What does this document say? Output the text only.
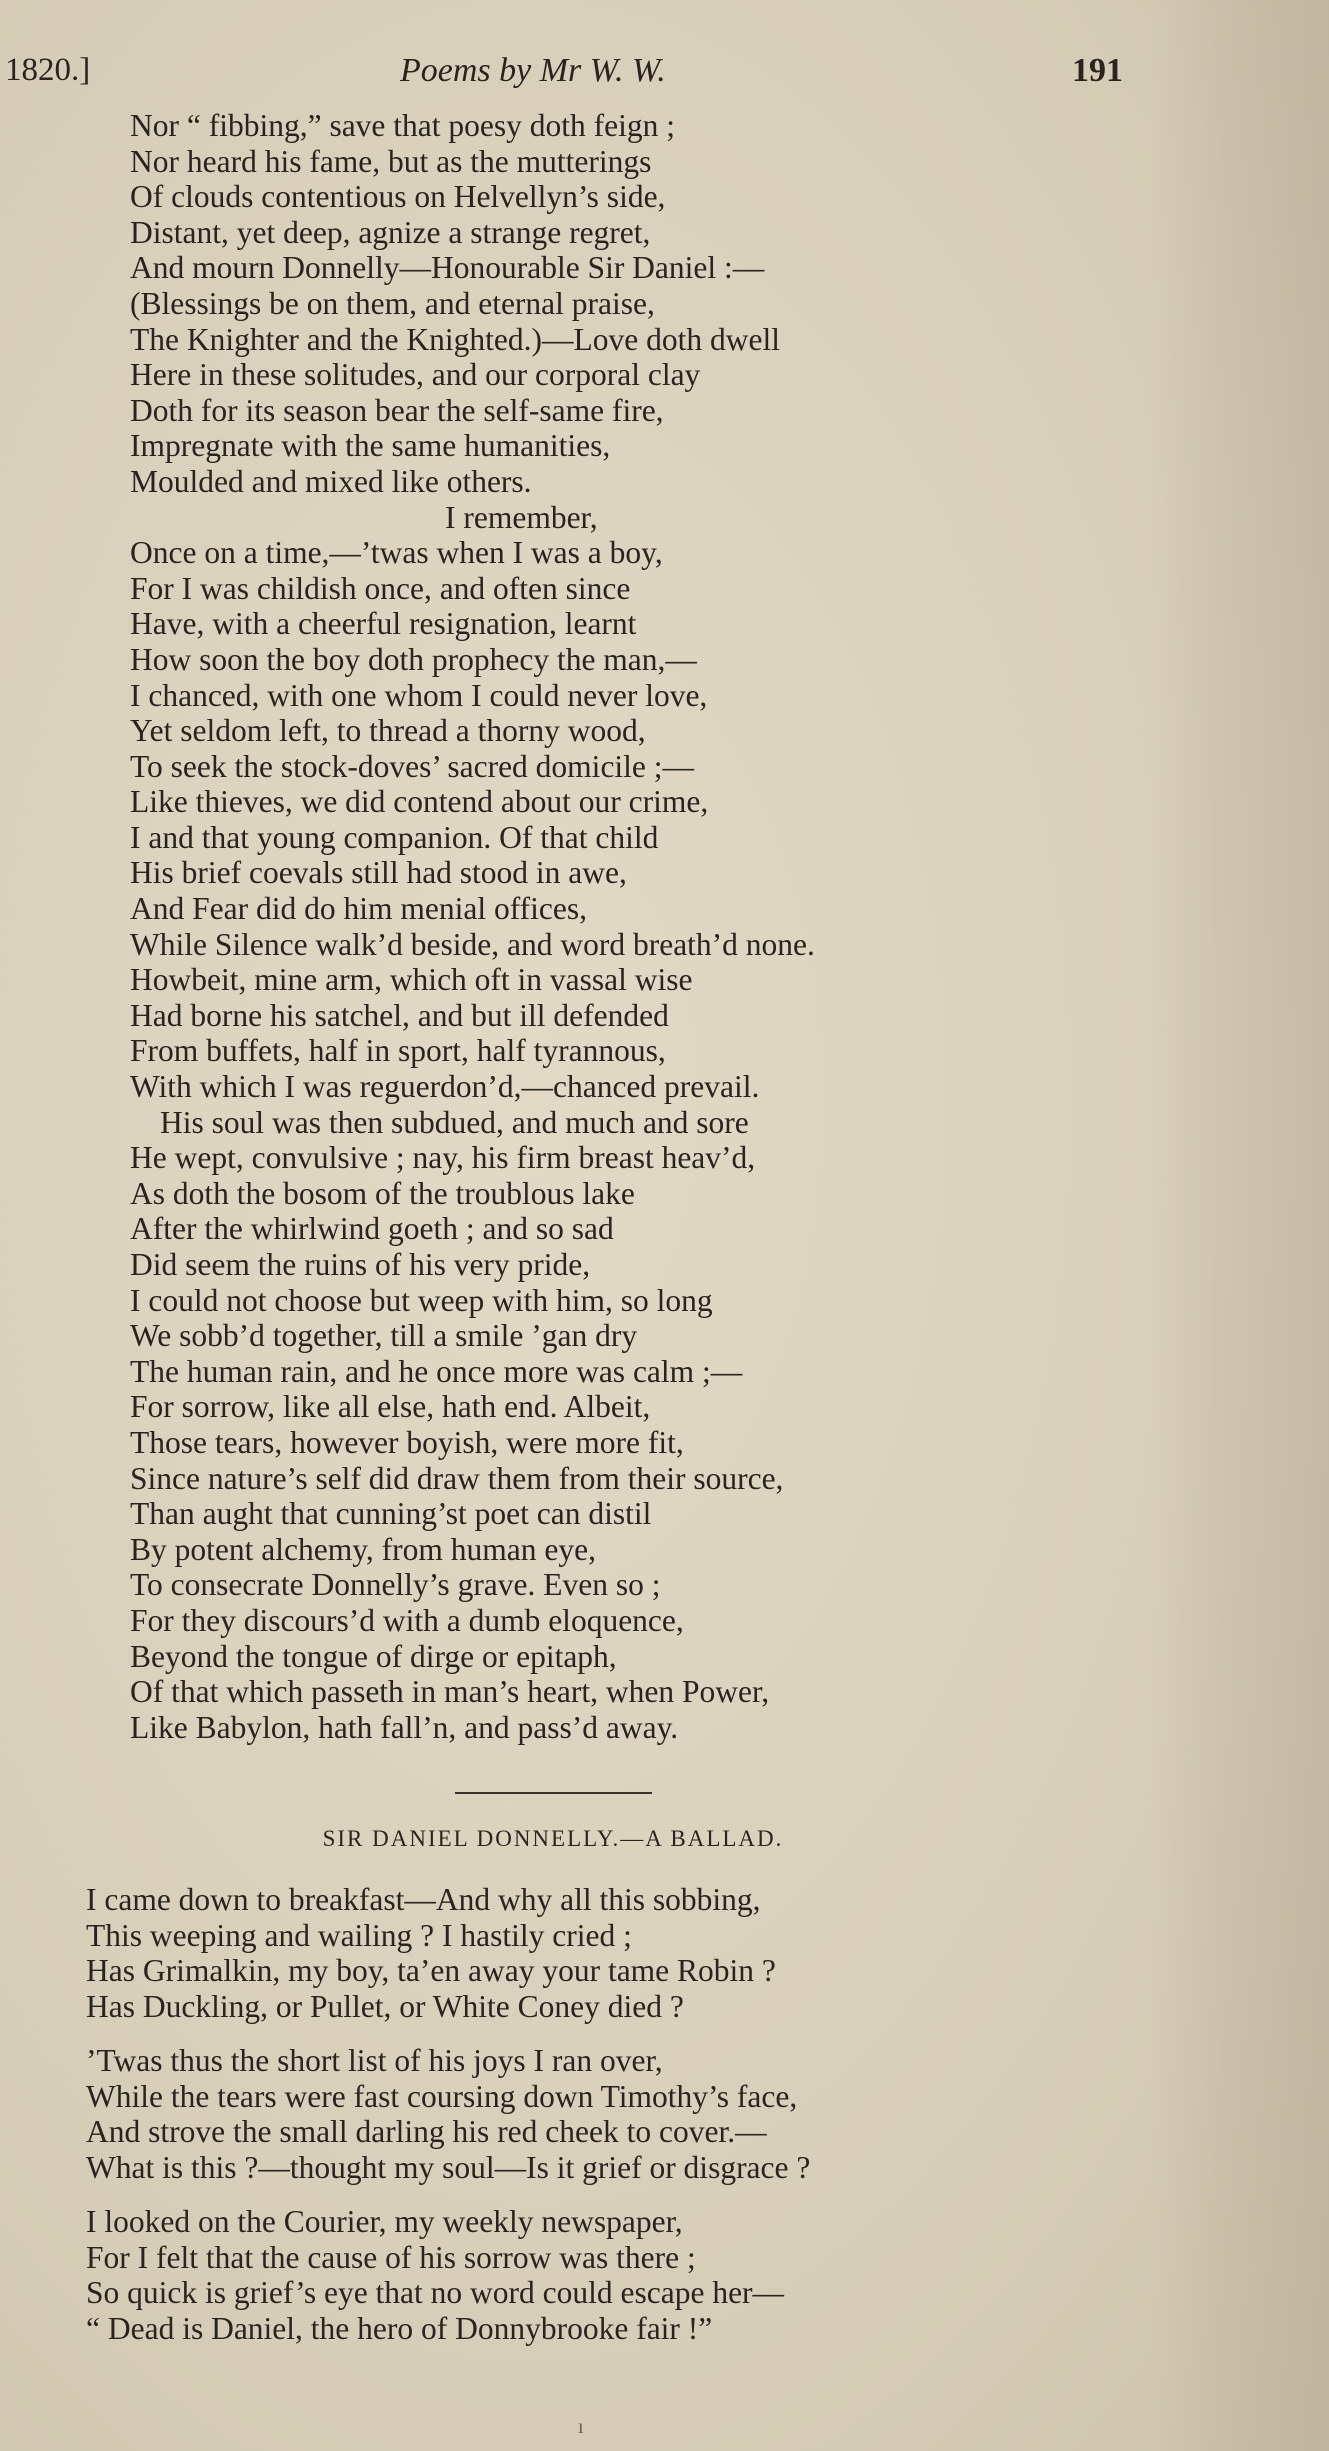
1820.]	Poems by Mr W. W.	191
Nor “ fibbing,” save that poesy doth feign ;
Nor heard his fame, but as the mutterings
Of clouds contentious on Helvellyn’s side,
Distant, yet deep, agnize a strange regret,
And mourn Donnelly—Honourable Sir Daniel :—
(Blessings be on them, and eternal praise,
The Knighter and the Knighted.)—Love doth dwell
Here in these solitudes, and our corporal clay
Doth for its season bear the self-same fire,
Impregnate with the same humanities,
Moulded and mixed like others.
I remember,
Once on a time,—’twas when I was a boy,
For I was childish once, and often since
Have, with a cheerful resignation, learnt
How soon the boy doth prophecy the man,—
I chanced, with one whom I could never love,
Yet seldom left, to thread a thorny wood,
To seek the stock-doves’ sacred domicile ;—
Like thieves, we did contend about our crime,
I and that young companion. Of that child
His brief coevals still had stood in awe,
And Fear did do him menial offices,
While Silence walk’d beside, and word breath’d none.
Howbeit, mine arm, which oft in vassal wise
Had borne his satchel, and but ill defended
From buffets, half in sport, half tyrannous,
With which I was reguerdon’d,—chanced prevail.
His soul was then subdued, and much and sore
He wept, convulsive ; nay, his firm breast heav’d,
As doth the bosom of the troublous lake
After the whirlwind goeth ; and so sad
Did seem the ruins of his very pride,
I could not choose but weep with him, so long
We sobb’d together, till a smile ’gan dry
The human rain, and he once more was calm ;—
For sorrow, like all else, hath end. Albeit,
Those tears, however boyish, were more fit,
Since nature’s self did draw them from their source,
Than aught that cunning’st poet can distil
By potent alchemy, from human eye,
To consecrate Donnelly’s grave. Even so ;
For they discours’d with a dumb eloquence,
Beyond the tongue of dirge or epitaph,
Of that which passeth in man’s heart, when Power,
Like Babylon, hath fall’n, and pass’d away.
SIR DANIEL DONNELLY.—A BALLAD.
I came down to breakfast—And why all this sobbing,
This weeping and wailing ? I hastily cried ;
Has Grimalkin, my boy, ta’en away your tame Robin ?
Has Duckling, or Pullet, or White Coney died ?
’Twas thus the short list of his joys I ran over,
While the tears were fast coursing down Timothy’s face,
And strove the small darling his red cheek to cover.—
What is this ?—thought my soul—Is it grief or disgrace ?
I looked on the Courier, my weekly newspaper,
For I felt that the cause of his sorrow was there ;
So quick is grief’s eye that no word could escape her—
“ Dead is Daniel, the hero of Donnybrooke fair !”
ı
